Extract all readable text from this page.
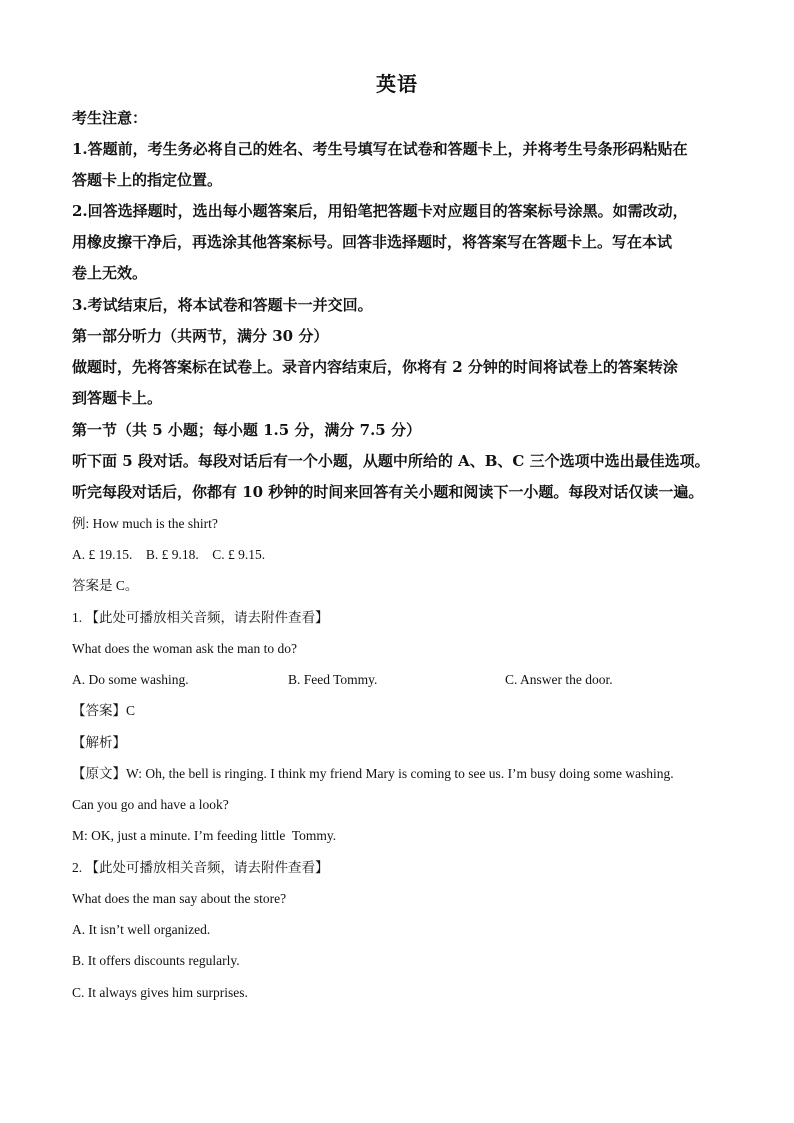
英语
考生注意：
1.答题前，考生务必将自己的姓名、考生号填写在试卷和答题卡上，并将考生号条形码粘贴在
答题卡上的指定位置。
2.回答选择题时，选出每小题答案后，用铅笔把答题卡对应题目的答案标号涂黑。如需改动，
用橡皮擦干净后，再选涂其他答案标号。回答非选择题时，将答案写在答题卡上。写在本试
卷上无效。
3.考试结束后，将本试卷和答题卡一并交回。
第一部分听力（共两节，满分 30 分）
做题时，先将答案标在试卷上。录音内容结束后，你将有 2 分钟的时间将试卷上的答案转涂
到答题卡上。
第一节（共 5 小题；每小题 1.5 分，满分 7.5 分）
听下面 5 段对话。每段对话后有一个小题，从题中所给的 A、B、C 三个选项中选出最佳选项。
听完每段对话后，你都有 10 秒钟的时间来回答有关小题和阅读下一小题。每段对话仅读一遍。
例: How much is the shirt?
A. £ 19.15.    B. £ 9.18.    C. £ 9.15.
答案是 C。
1. 【此处可播放相关音频，请去附件查看】
What does the woman ask the man to do?
A. Do some washing.	B. Feed Tommy.	C. Answer the door.
【答案】C
【解析】
【原文】W: Oh, the bell is ringing. I think my friend Mary is coming to see us. I’m busy doing some washing.
Can you go and have a look?
M: OK, just a minute. I’m feeding little  Tommy.
2. 【此处可播放相关音频，请去附件查看】
What does the man say about the store?
A. It isn’t well organized.
B. It offers discounts regularly.
C. It always gives him surprises.
